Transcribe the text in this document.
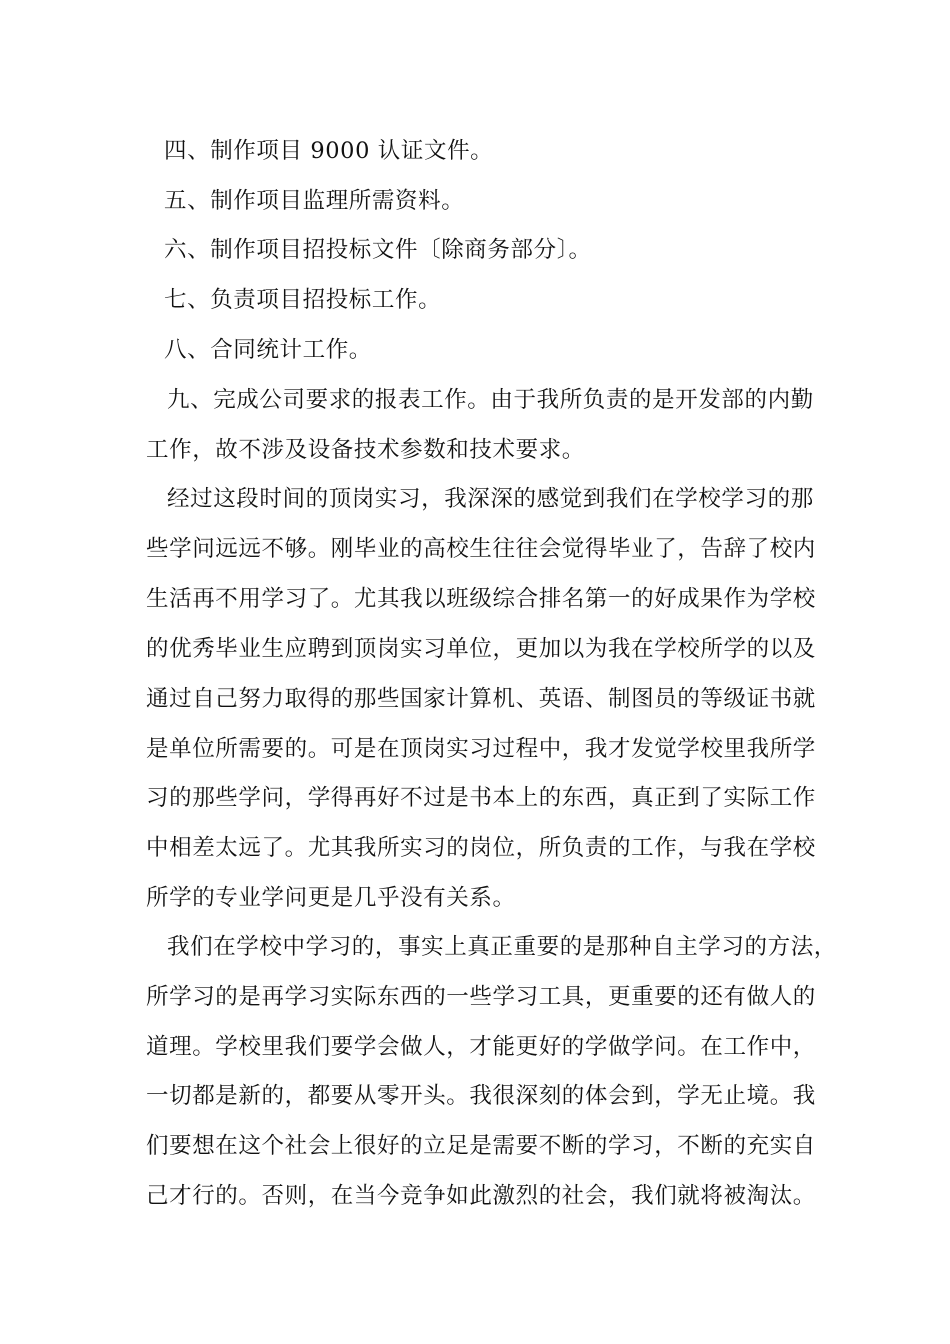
四、制作项目 9000 认证文件。
五、制作项目监理所需资料。
六、制作项目招投标文件〔除商务部分〕。
七、负责项目招投标工作。
八、合同统计工作。
九、完成公司要求的报表工作。由于我所负责的是开发部的内勤
工作，故不涉及设备技术参数和技术要求。
经过这段时间的顶岗实习，我深深的感觉到我们在学校学习的那
些学问远远不够。刚毕业的高校生往往会觉得毕业了，告辞了校内
生活再不用学习了。尤其我以班级综合排名第一的好成果作为学校
的优秀毕业生应聘到顶岗实习单位，更加以为我在学校所学的以及
通过自己努力取得的那些国家计算机、英语、制图员的等级证书就
是单位所需要的。可是在顶岗实习过程中，我才发觉学校里我所学
习的那些学问，学得再好不过是书本上的东西，真正到了实际工作
中相差太远了。尤其我所实习的岗位，所负责的工作，与我在学校
所学的专业学问更是几乎没有关系。
我们在学校中学习的，事实上真正重要的是那种自主学习的方法，
所学习的是再学习实际东西的一些学习工具，更重要的还有做人的
道理。学校里我们要学会做人，才能更好的学做学问。在工作中，
一切都是新的，都要从零开头。我很深刻的体会到，学无止境。我
们要想在这个社会上很好的立足是需要不断的学习，不断的充实自
己才行的。否则，在当今竞争如此激烈的社会，我们就将被淘汰。
